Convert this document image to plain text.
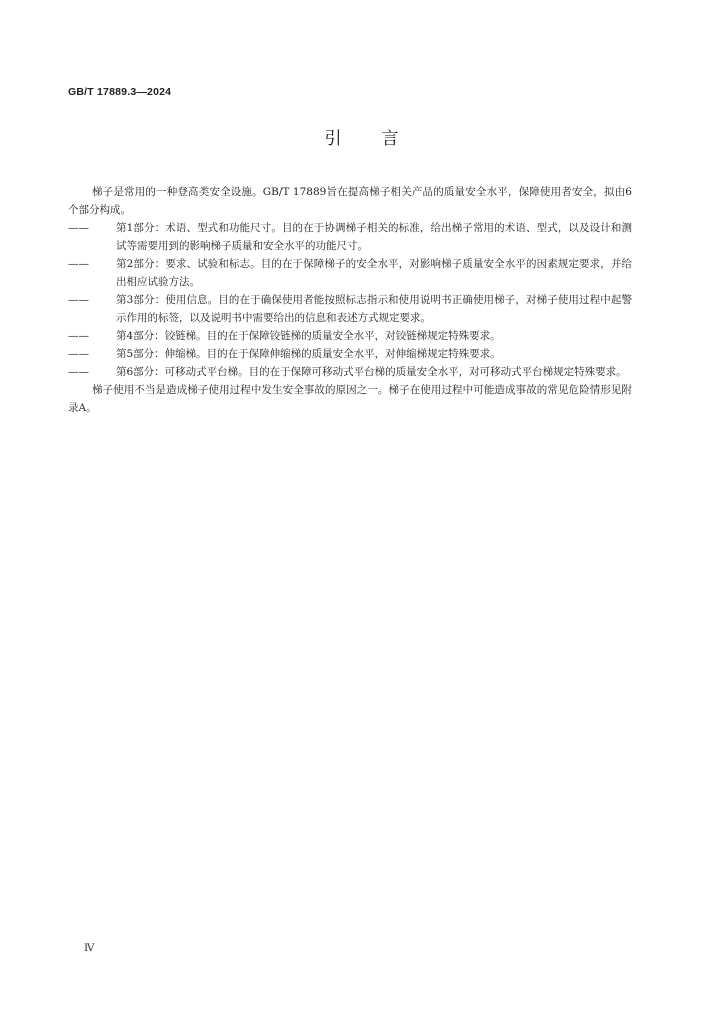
GB/T 17889.3—2024
引言

梯子是常用的一种登高类安全设施。GB/T 17889旨在提高梯子相关产品的质量安全水平，保障使用者安全，拟由6个部分构成。

——	第1部分：术语、型式和功能尺寸。目的在于协调梯子相关的标准，给出梯子常用的术语、型式，以及设计和测试等需要用到的影响梯子质量和安全水平的功能尺寸。
——	第2部分：要求、试验和标志。目的在于保障梯子的安全水平，对影响梯子质量安全水平的因素规定要求，并给出相应试验方法。
——	第3部分：使用信息。目的在于确保使用者能按照标志指示和使用说明书正确使用梯子，对梯子使用过程中起警示作用的标签，以及说明书中需要给出的信息和表述方式规定要求。
——	第4部分：铰链梯。目的在于保障铰链梯的质量安全水平，对铰链梯规定特殊要求。
——	第5部分：伸缩梯。目的在于保障伸缩梯的质量安全水平，对伸缩梯规定特殊要求。
——	第6部分：可移动式平台梯。目的在于保障可移动式平台梯的质量安全水平，对可移动式平台梯规定特殊要求。

梯子使用不当是造成梯子使用过程中发生安全事故的原因之一。梯子在使用过程中可能造成事故的常见危险情形见附录A。

Ⅳ
